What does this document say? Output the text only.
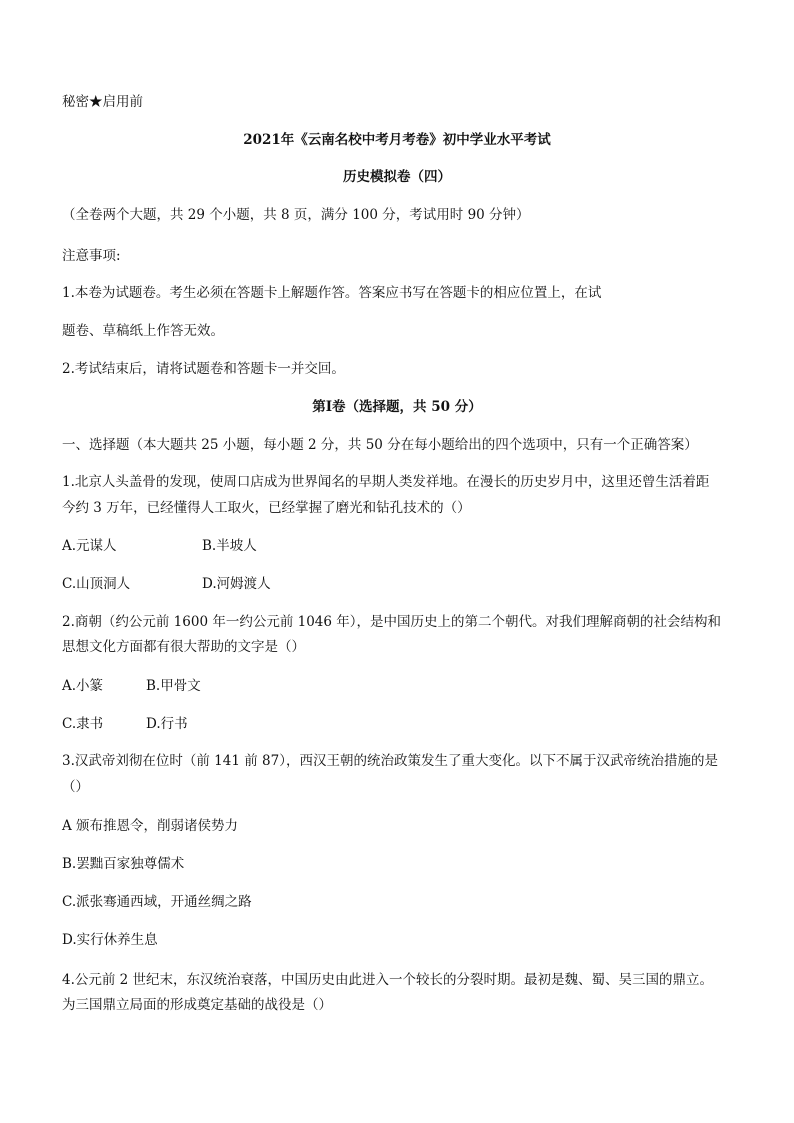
秘密★启用前
2021年《云南名校中考月考卷》初中学业水平考试
历史模拟卷（四）
（全卷两个大题，共 29 个小题，共 8 页，满分 100 分，考试用时 90 分钟）
注意事项:
1.本卷为试题卷。考生必须在答题卡上解题作答。答案应书写在答题卡的相应位置上，在试
题卷、草稿纸上作答无效。
2.考试结束后，请将试题卷和答题卡一并交回。
第Ⅰ卷（选择题，共 50 分）
一、选择题（本大题共 25 小题，每小题 2 分，共 50 分在每小题给出的四个选项中，只有一个正确答案）
1.北京人头盖骨的发现，使周口店成为世界闻名的早期人类发祥地。在漫长的历史岁月中，这里还曾生活着距
今约 3 万年，已经懂得人工取火，已经掌握了磨光和钻孔技术的（）
A.元谋人	B.半坡人
C.山顶洞人	D.河姆渡人
2.商朝（约公元前 1600 年一约公元前 1046 年），是中国历史上的第二个朝代。对我们理解商朝的社会结构和
思想文化方面都有很大帮助的文字是（）
A.小篆	B.甲骨文
C.隶书	D.行书
3.汉武帝刘彻在位时（前 141 前 87），西汉王朝的统治政策发生了重大变化。以下不属于汉武帝统治措施的是
（）
A 颁布推恩令，削弱诸侯势力
B.罢黜百家独尊儒术
C.派张骞通西域，开通丝绸之路
D.实行休养生息
4.公元前 2 世纪末，东汉统治衰落，中国历史由此进入一个较长的分裂时期。最初是魏、蜀、吴三国的鼎立。
为三国鼎立局面的形成奠定基础的战役是（）
